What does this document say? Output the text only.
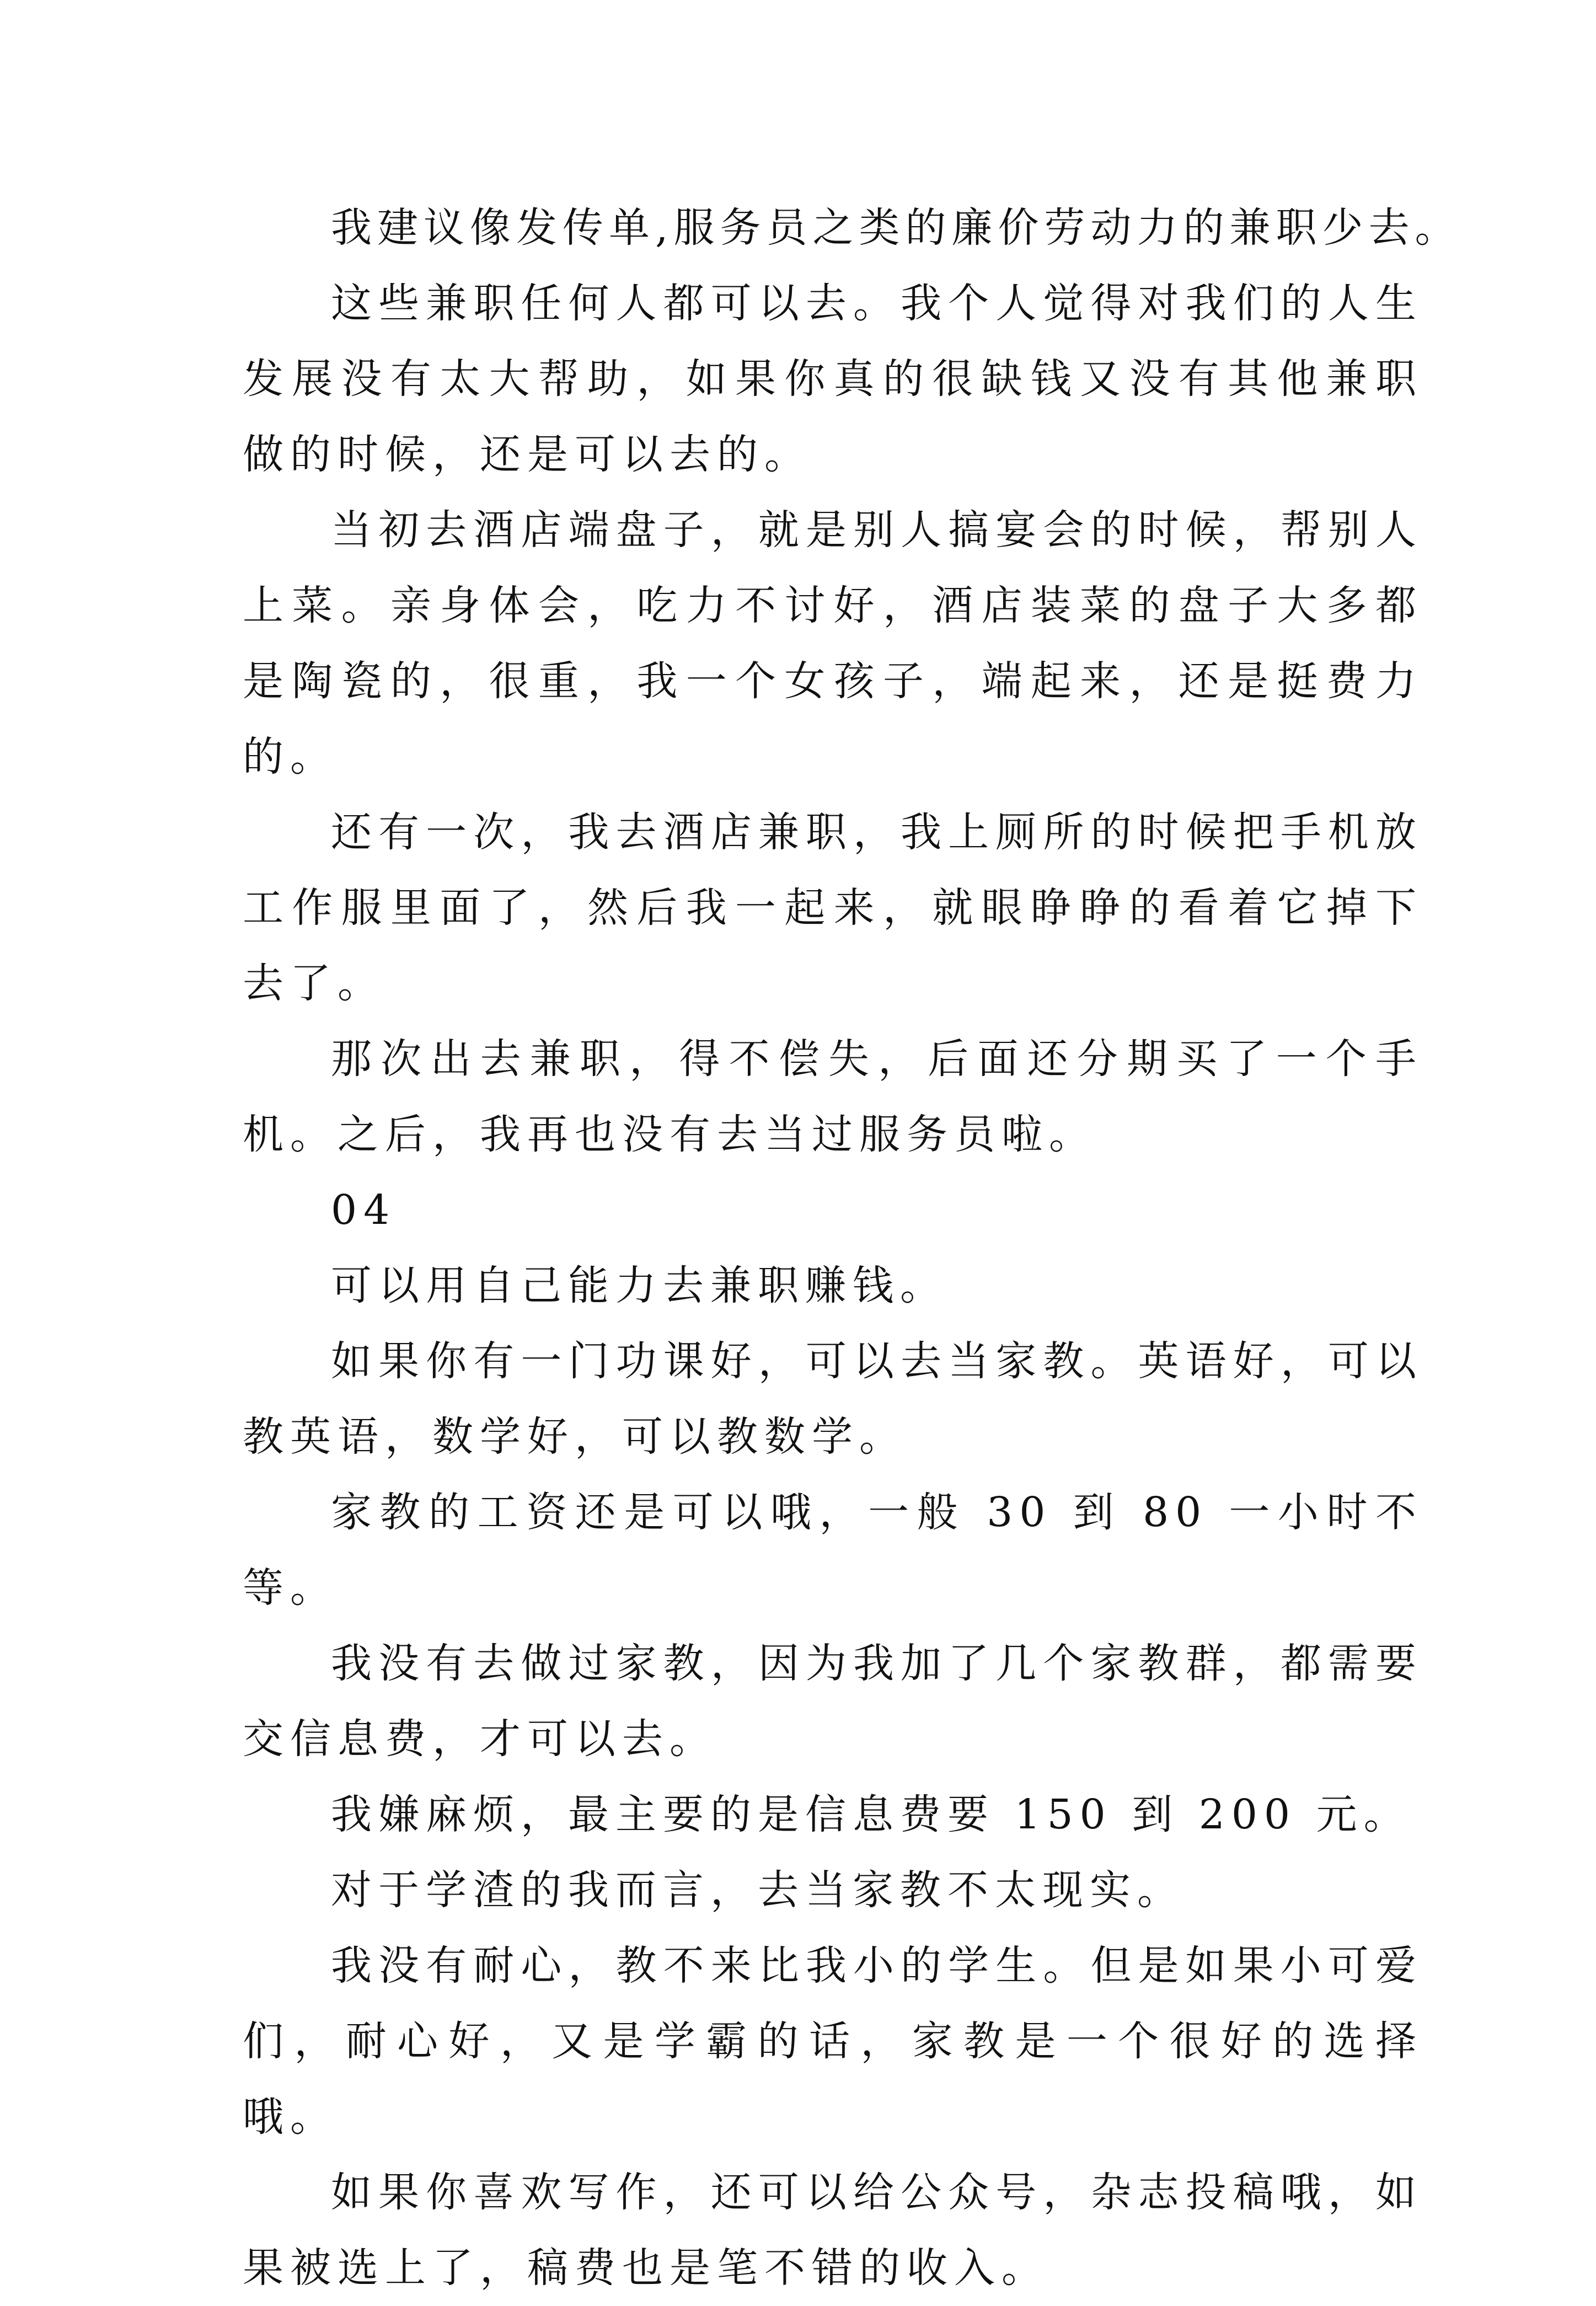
我建议像发传单,服务员之类的廉价劳动力的兼职少去。

这些兼职任何人都可以去。我个人觉得对我们的人生发展没有太大帮助，如果你真的很缺钱又没有其他兼职做的时候，还是可以去的。

当初去酒店端盘子，就是别人搞宴会的时候，帮别人上菜。亲身体会，吃力不讨好，酒店装菜的盘子大多都是陶瓷的，很重，我一个女孩子，端起来，还是挺费力的。

还有一次，我去酒店兼职，我上厕所的时候把手机放工作服里面了，然后我一起来，就眼睁睁的看着它掉下去了。

那次出去兼职，得不偿失，后面还分期买了一个手机。之后，我再也没有去当过服务员啦。

04

可以用自己能力去兼职赚钱。

如果你有一门功课好，可以去当家教。英语好，可以教英语，数学好，可以教数学。

家教的工资还是可以哦，一般 30 到 80 一小时不等。

我没有去做过家教，因为我加了几个家教群，都需要交信息费，才可以去。

我嫌麻烦，最主要的是信息费要 150 到 200 元。

对于学渣的我而言，去当家教不太现实。

我没有耐心，教不来比我小的学生。但是如果小可爱们，耐心好，又是学霸的话，家教是一个很好的选择哦。

如果你喜欢写作，还可以给公众号，杂志投稿哦，如果被选上了，稿费也是笔不错的收入。
